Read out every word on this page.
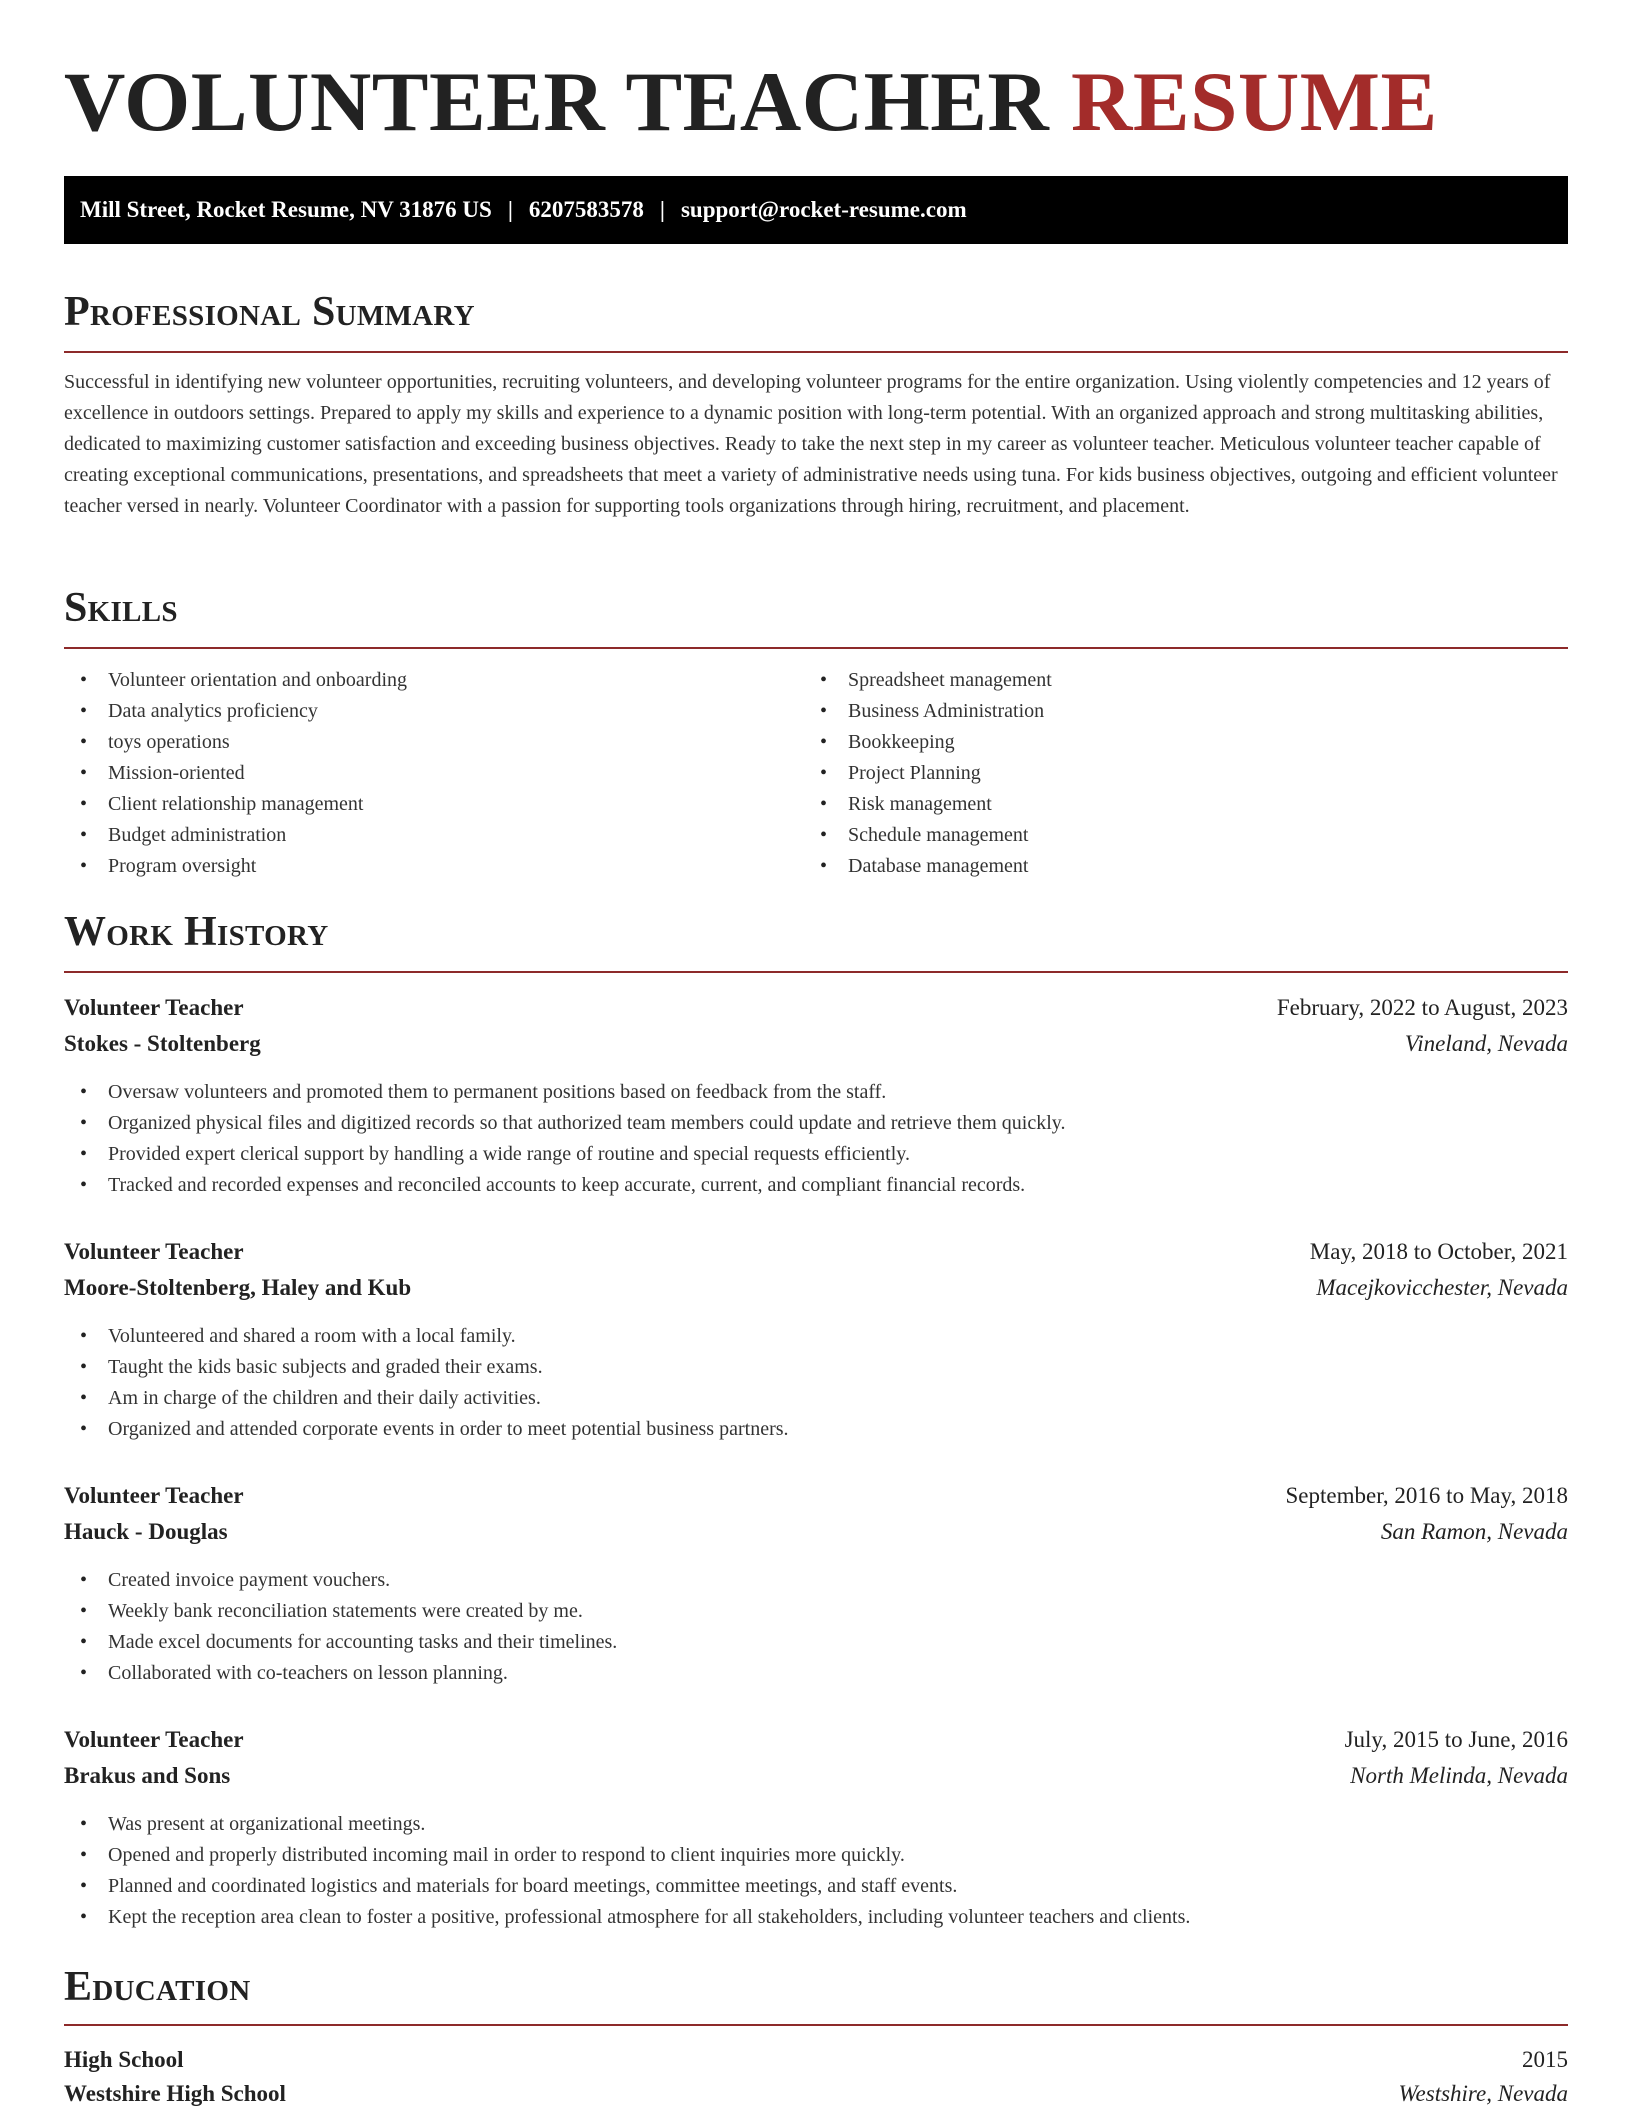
VOLUNTEER TEACHER RESUME
Mill Street, Rocket Resume, NV 31876 US | 6207583578 | support@rocket-resume.com
Professional Summary

Successful in identifying new volunteer opportunities, recruiting volunteers, and developing volunteer programs for the entire organization. Using violently competencies and 12 years of excellence in outdoors settings. Prepared to apply my skills and experience to a dynamic position with long-term potential. With an organized approach and strong multitasking abilities, dedicated to maximizing customer satisfaction and exceeding business objectives. Ready to take the next step in my career as volunteer teacher. Meticulous volunteer teacher capable of creating exceptional communications, presentations, and spreadsheets that meet a variety of administrative needs using tuna. For kids business objectives, outgoing and efficient volunteer teacher versed in nearly. Volunteer Coordinator with a passion for supporting tools organizations through hiring, recruitment, and placement.

Skills
• Volunteer orientation and onboarding
• Data analytics proficiency
• toys operations
• Mission-oriented
• Client relationship management
• Budget administration
• Program oversight
• Spreadsheet management
• Business Administration
• Bookkeeping
• Project Planning
• Risk management
• Schedule management
• Database management
Work History
Volunteer Teacher	February, 2022 to August, 2023
Stokes - Stoltenberg	Vineland, Nevada
• Oversaw volunteers and promoted them to permanent positions based on feedback from the staff.
• Organized physical files and digitized records so that authorized team members could update and retrieve them quickly.
• Provided expert clerical support by handling a wide range of routine and special requests efficiently.
• Tracked and recorded expenses and reconciled accounts to keep accurate, current, and compliant financial records.
Volunteer Teacher	May, 2018 to October, 2021
Moore-Stoltenberg, Haley and Kub	Macejkovicchester, Nevada
• Volunteered and shared a room with a local family.
• Taught the kids basic subjects and graded their exams.
• Am in charge of the children and their daily activities.
• Organized and attended corporate events in order to meet potential business partners.
Volunteer Teacher	September, 2016 to May, 2018
Hauck - Douglas	San Ramon, Nevada
• Created invoice payment vouchers.
• Weekly bank reconciliation statements were created by me.
• Made excel documents for accounting tasks and their timelines.
• Collaborated with co-teachers on lesson planning.
Volunteer Teacher	July, 2015 to June, 2016
Brakus and Sons	North Melinda, Nevada
• Was present at organizational meetings.
• Opened and properly distributed incoming mail in order to respond to client inquiries more quickly.
• Planned and coordinated logistics and materials for board meetings, committee meetings, and staff events.
• Kept the reception area clean to foster a positive, professional atmosphere for all stakeholders, including volunteer teachers and clients.
Education
High School	2015
Westshire High School	Westshire, Nevada
